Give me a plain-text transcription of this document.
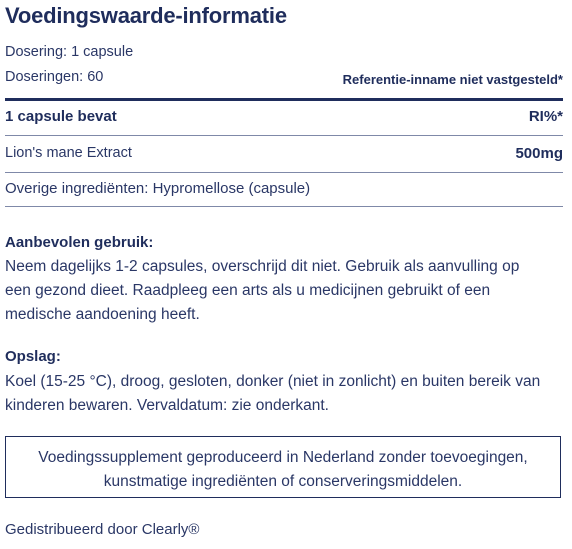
Voedingswaarde-informatie
Dosering: 1 capsule
Doseringen: 60	Referentie-inname niet vastgesteld*
1 capsule bevat	RI%*
Lion's mane Extract	500mg
Overige ingrediënten: Hypromellose (capsule)
Aanbevolen gebruik:
Neem dagelijks 1-2 capsules, overschrijd dit niet. Gebruik als aanvulling op
een gezond dieet. Raadpleeg een arts als u medicijnen gebruikt of een
medische aandoening heeft.
Opslag:
Koel (15-25 °C), droog, gesloten, donker (niet in zonlicht) en buiten bereik van
kinderen bewaren. Vervaldatum: zie onderkant.
Voedingssupplement geproduceerd in Nederland zonder toevoegingen,
kunstmatige ingrediënten of conserveringsmiddelen.
Gedistribueerd door Clearly®
